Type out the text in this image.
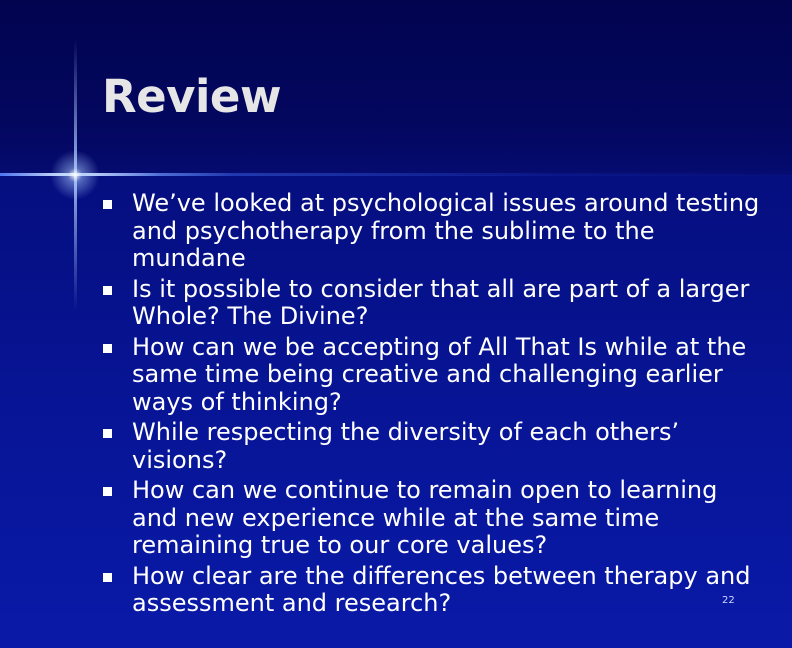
Review
We’ve looked at psychological issues around testing and psychotherapy from the sublime to the mundane
Is it possible to consider that all are part of a larger Whole? The Divine?
How can we be accepting of All That Is while at the same time being creative and challenging earlier ways of thinking?
While respecting the diversity of each others’ visions?
How can we continue to remain open to learning and new experience while at the same time remaining true to our core values?
How clear are the differences between therapy and assessment and research?	22
